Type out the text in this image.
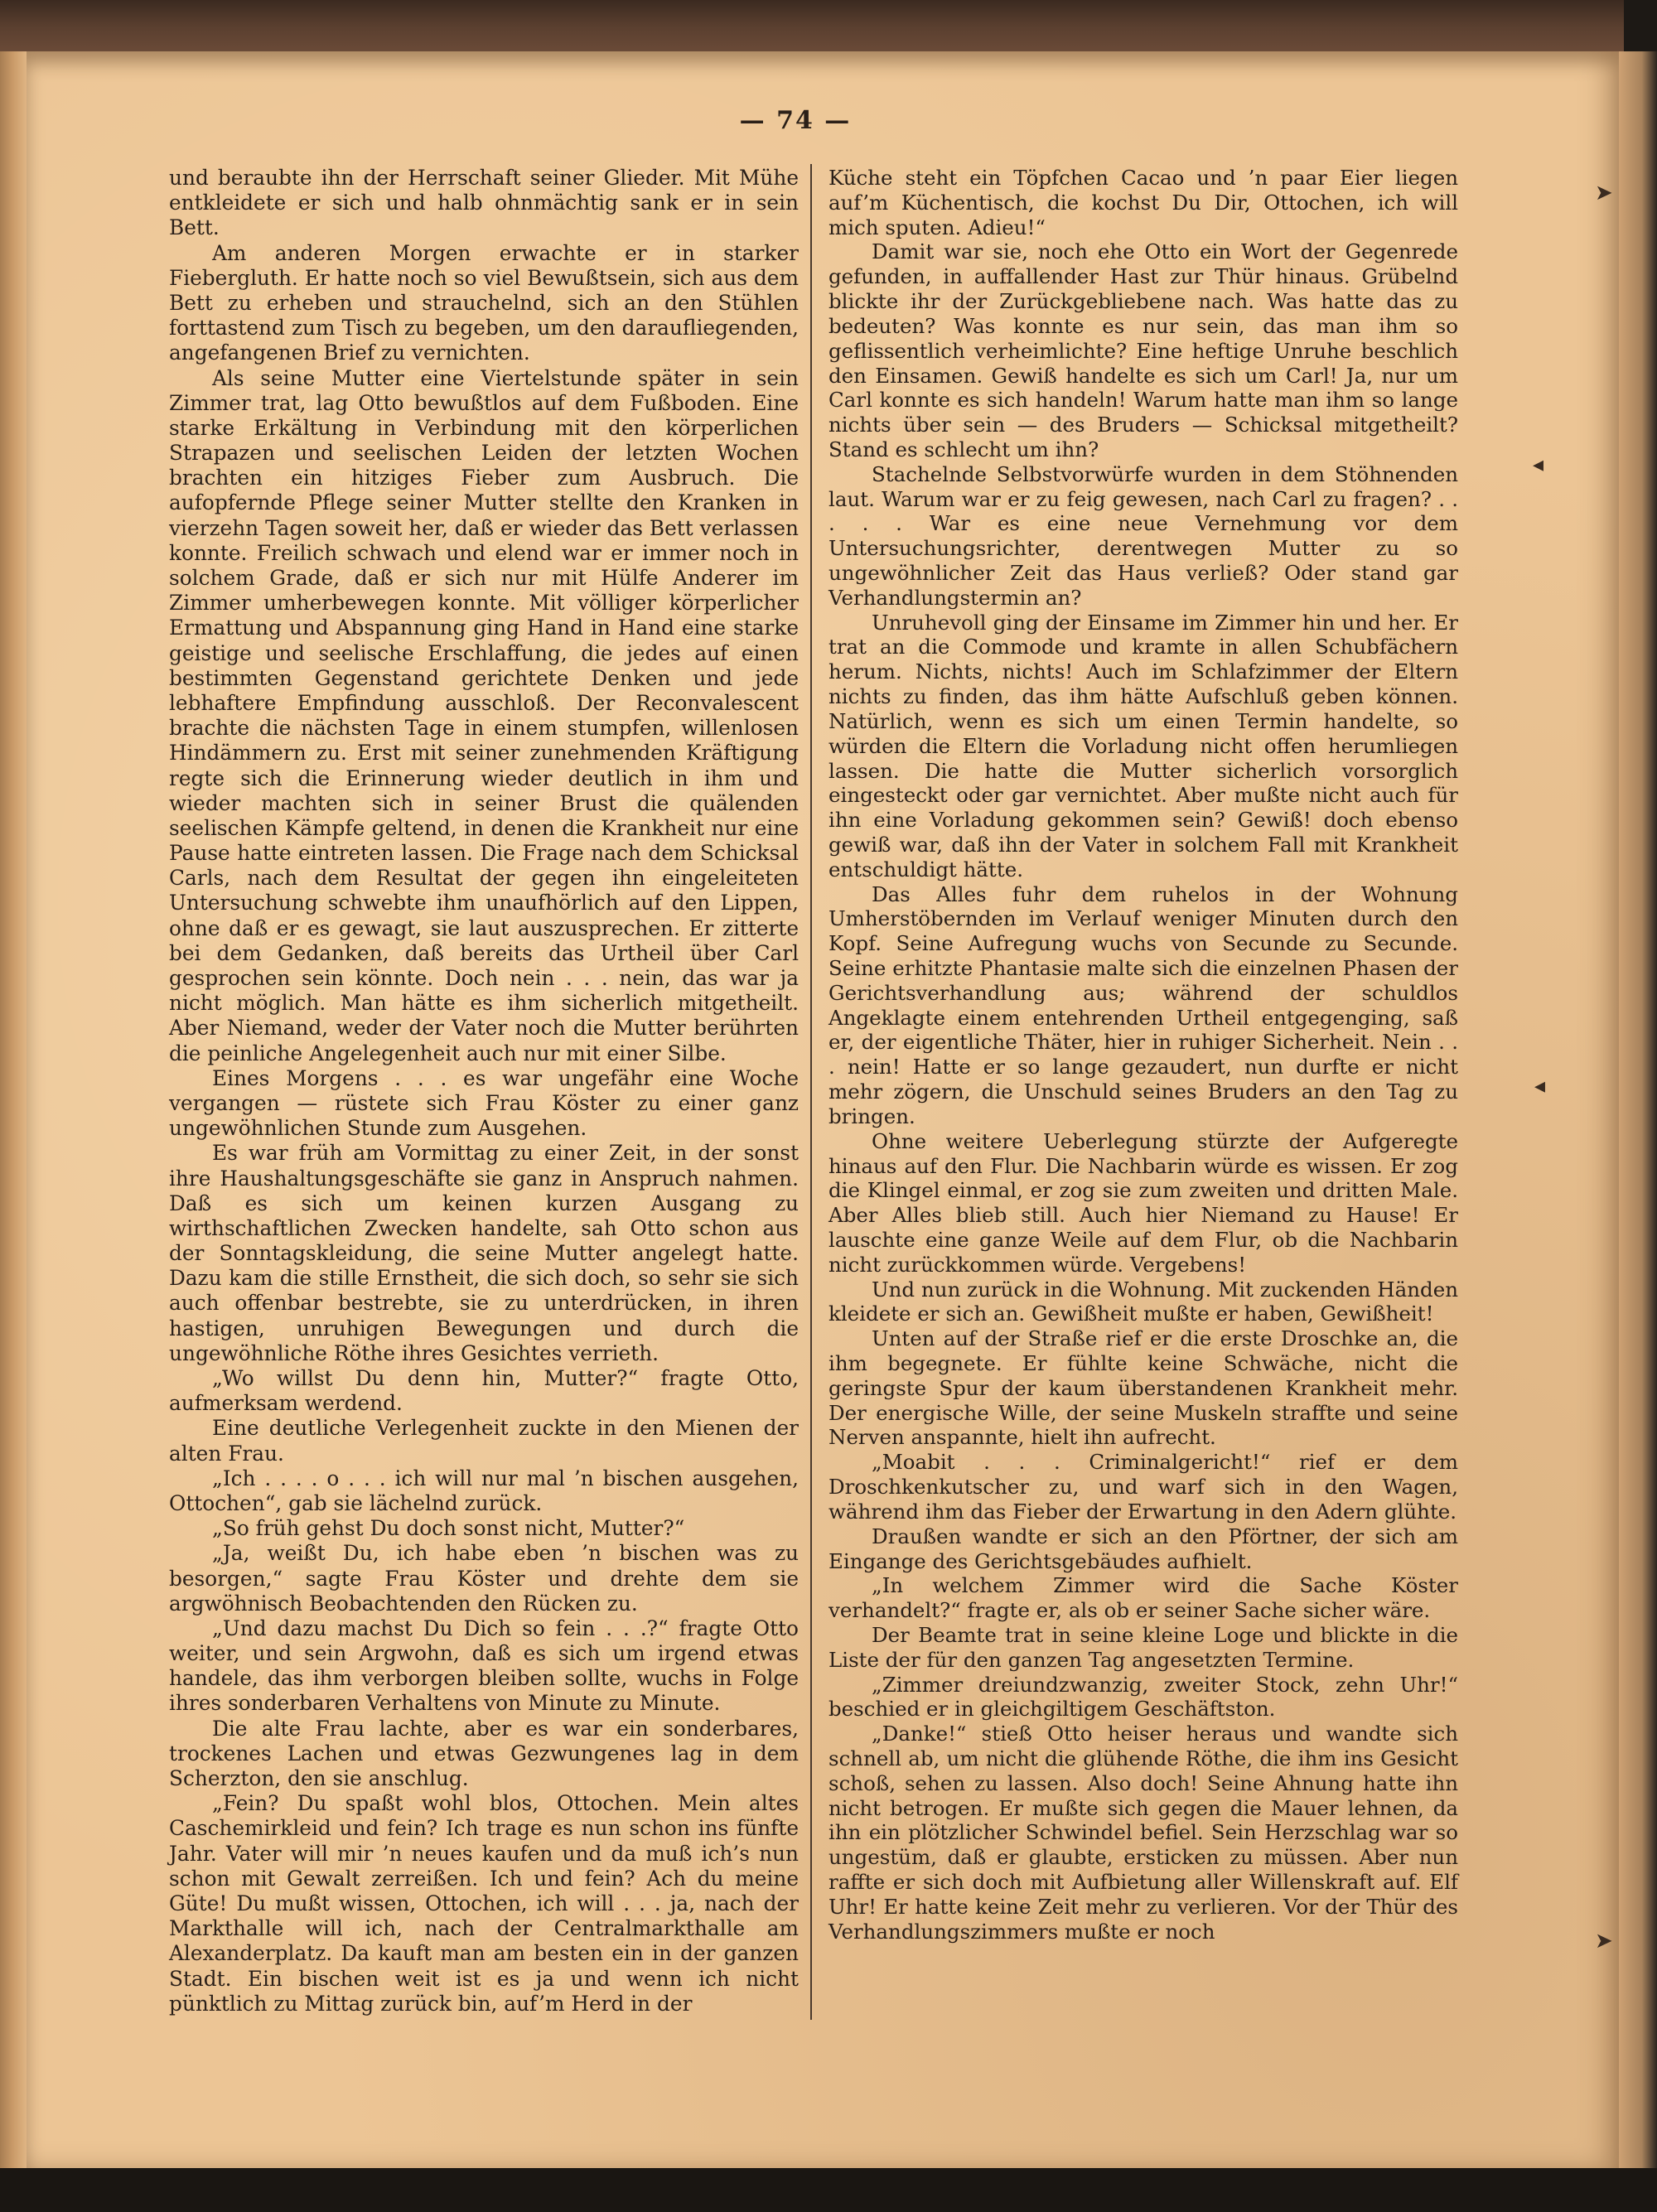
— 74 —

und beraubte ihn der Herrschaft seiner Glieder. Mit Mühe entkleidete er sich und halb ohnmächtig sank er in sein Bett.

Am anderen Morgen erwachte er in starker Fiebergluth. Er hatte noch so viel Bewußtsein, sich aus dem Bett zu erheben und strauchelnd, sich an den Stühlen forttastend zum Tisch zu begeben, um den daraufliegenden, angefangenen Brief zu vernichten.

Als seine Mutter eine Viertelstunde später in sein Zimmer trat, lag Otto bewußtlos auf dem Fußboden. Eine starke Erkältung in Verbindung mit den körperlichen Strapazen und seelischen Leiden der letzten Wochen brachten ein hitziges Fieber zum Ausbruch. Die aufopfernde Pflege seiner Mutter stellte den Kranken in vierzehn Tagen soweit her, daß er wieder das Bett verlassen konnte. Freilich schwach und elend war er immer noch in solchem Grade, daß er sich nur mit Hülfe Anderer im Zimmer umherbewegen konnte. Mit völliger körperlicher Ermattung und Abspannung ging Hand in Hand eine starke geistige und seelische Erschlaffung, die jedes auf einen bestimmten Gegenstand gerichtete Denken und jede lebhaftere Empfindung ausschloß. Der Reconvalescent brachte die nächsten Tage in einem stumpfen, willenlosen Hindämmern zu. Erst mit seiner zunehmenden Kräftigung regte sich die Erinnerung wieder deutlich in ihm und wieder machten sich in seiner Brust die quälenden seelischen Kämpfe geltend, in denen die Krankheit nur eine Pause hatte eintreten lassen. Die Frage nach dem Schicksal Carls, nach dem Resultat der gegen ihn eingeleiteten Untersuchung schwebte ihm unaufhörlich auf den Lippen, ohne daß er es gewagt, sie laut auszusprechen. Er zitterte bei dem Gedanken, daß bereits das Urtheil über Carl gesprochen sein könnte. Doch nein . . . nein, das war ja nicht möglich. Man hätte es ihm sicherlich mitgetheilt. Aber Niemand, weder der Vater noch die Mutter berührten die peinliche Angelegenheit auch nur mit einer Silbe.

Eines Morgens . . . es war ungefähr eine Woche vergangen — rüstete sich Frau Köster zu einer ganz ungewöhnlichen Stunde zum Ausgehen.

Es war früh am Vormittag zu einer Zeit, in der sonst ihre Haushaltungsgeschäfte sie ganz in Anspruch nahmen. Daß es sich um keinen kurzen Ausgang zu wirthschaftlichen Zwecken handelte, sah Otto schon aus der Sonntagskleidung, die seine Mutter angelegt hatte. Dazu kam die stille Ernstheit, die sich doch, so sehr sie sich auch offenbar bestrebte, sie zu unterdrücken, in ihren hastigen, unruhigen Bewegungen und durch die ungewöhnliche Röthe ihres Gesichtes verrieth.

„Wo willst Du denn hin, Mutter?“ fragte Otto, aufmerksam werdend.

Eine deutliche Verlegenheit zuckte in den Mienen der alten Frau.

„Ich . . . . o . . . ich will nur mal ’n bischen ausgehen, Ottochen“, gab sie lächelnd zurück.

„So früh gehst Du doch sonst nicht, Mutter?“

„Ja, weißt Du, ich habe eben ’n bischen was zu besorgen,“ sagte Frau Köster und drehte dem sie argwöhnisch Beobachtenden den Rücken zu.

„Und dazu machst Du Dich so fein . . .?“ fragte Otto weiter, und sein Argwohn, daß es sich um irgend etwas handele, das ihm verborgen bleiben sollte, wuchs in Folge ihres sonderbaren Verhaltens von Minute zu Minute.

Die alte Frau lachte, aber es war ein sonderbares, trockenes Lachen und etwas Gezwungenes lag in dem Scherzton, den sie anschlug.

„Fein? Du spaßt wohl blos, Ottochen. Mein altes Caschemirkleid und fein? Ich trage es nun schon ins fünfte Jahr. Vater will mir ’n neues kaufen und da muß ich’s nun schon mit Gewalt zerreißen. Ich und fein? Ach du meine Güte! Du mußt wissen, Ottochen, ich will . . . ja, nach der Markthalle will ich, nach der Centralmarkthalle am Alexanderplatz. Da kauft man am besten ein in der ganzen Stadt. Ein bischen weit ist es ja und wenn ich nicht pünktlich zu Mittag zurück bin, auf’m Herd in der

Küche steht ein Töpfchen Cacao und ’n paar Eier liegen auf’m Küchentisch, die kochst Du Dir, Ottochen, ich will mich sputen. Adieu!“

Damit war sie, noch ehe Otto ein Wort der Gegenrede gefunden, in auffallender Hast zur Thür hinaus. Grübelnd blickte ihr der Zurückgebliebene nach. Was hatte das zu bedeuten? Was konnte es nur sein, das man ihm so geflissentlich verheimlichte? Eine heftige Unruhe beschlich den Einsamen. Gewiß handelte es sich um Carl! Ja, nur um Carl konnte es sich handeln! Warum hatte man ihm so lange nichts über sein — des Bruders — Schicksal mitgetheilt? Stand es schlecht um ihn?

Stachelnde Selbstvorwürfe wurden in dem Stöhnenden laut. Warum war er zu feig gewesen, nach Carl zu fragen? . . . . . War es eine neue Vernehmung vor dem Untersuchungsrichter, derentwegen Mutter zu so ungewöhnlicher Zeit das Haus verließ? Oder stand gar Verhandlungstermin an?

Unruhevoll ging der Einsame im Zimmer hin und her. Er trat an die Commode und kramte in allen Schubfächern herum. Nichts, nichts! Auch im Schlafzimmer der Eltern nichts zu finden, das ihm hätte Aufschluß geben können. Natürlich, wenn es sich um einen Termin handelte, so würden die Eltern die Vorladung nicht offen herumliegen lassen. Die hatte die Mutter sicherlich vorsorglich eingesteckt oder gar vernichtet. Aber mußte nicht auch für ihn eine Vorladung gekommen sein? Gewiß! doch ebenso gewiß war, daß ihn der Vater in solchem Fall mit Krankheit entschuldigt hätte.

Das Alles fuhr dem ruhelos in der Wohnung Umherstöbernden im Verlauf weniger Minuten durch den Kopf. Seine Aufregung wuchs von Secunde zu Secunde. Seine erhitzte Phantasie malte sich die einzelnen Phasen der Gerichtsverhandlung aus; während der schuldlos Angeklagte einem entehrenden Urtheil entgegenging, saß er, der eigentliche Thäter, hier in ruhiger Sicherheit. Nein . . . nein! Hatte er so lange gezaudert, nun durfte er nicht mehr zögern, die Unschuld seines Bruders an den Tag zu bringen.

Ohne weitere Ueberlegung stürzte der Aufgeregte hinaus auf den Flur. Die Nachbarin würde es wissen. Er zog die Klingel einmal, er zog sie zum zweiten und dritten Male. Aber Alles blieb still. Auch hier Niemand zu Hause! Er lauschte eine ganze Weile auf dem Flur, ob die Nachbarin nicht zurückkommen würde. Vergebens!

Und nun zurück in die Wohnung. Mit zuckenden Händen kleidete er sich an. Gewißheit mußte er haben, Gewißheit!

Unten auf der Straße rief er die erste Droschke an, die ihm begegnete. Er fühlte keine Schwäche, nicht die geringste Spur der kaum überstandenen Krankheit mehr. Der energische Wille, der seine Muskeln straffte und seine Nerven anspannte, hielt ihn aufrecht.

„Moabit . . . Criminalgericht!“ rief er dem Droschkenkutscher zu, und warf sich in den Wagen, während ihm das Fieber der Erwartung in den Adern glühte.

Draußen wandte er sich an den Pförtner, der sich am Eingange des Gerichtsgebäudes aufhielt.

„In welchem Zimmer wird die Sache Köster verhandelt?“ fragte er, als ob er seiner Sache sicher wäre.

Der Beamte trat in seine kleine Loge und blickte in die Liste der für den ganzen Tag angesetzten Termine.

„Zimmer dreiundzwanzig, zweiter Stock, zehn Uhr!“ beschied er in gleichgiltigem Geschäftston.

„Danke!“ stieß Otto heiser heraus und wandte sich schnell ab, um nicht die glühende Röthe, die ihm ins Gesicht schoß, sehen zu lassen. Also doch! Seine Ahnung hatte ihn nicht betrogen. Er mußte sich gegen die Mauer lehnen, da ihn ein plötzlicher Schwindel befiel. Sein Herzschlag war so ungestüm, daß er glaubte, ersticken zu müssen. Aber nun raffte er sich doch mit Aufbietung aller Willenskraft auf. Elf Uhr! Er hatte keine Zeit mehr zu verlieren. Vor der Thür des Verhandlungszimmers mußte er noch

➤
◂
◂
➤
